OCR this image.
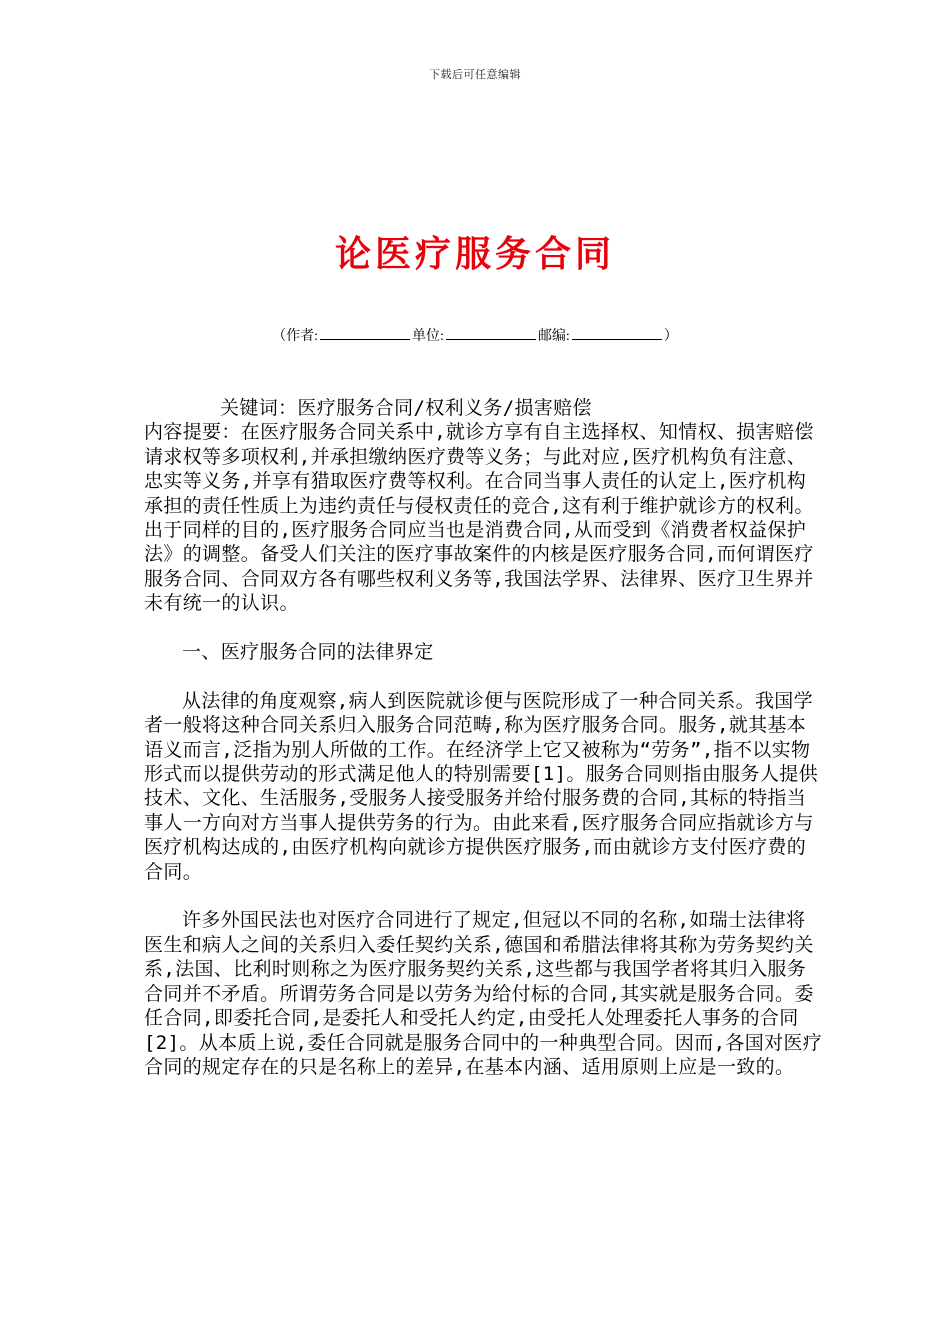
下载后可任意编辑
论医疗服务合同
（作者:	单位:	邮编:	）

关键词：医疗服务合同/权利义务/损害赔偿

内容提要：在医疗服务合同关系中,就诊方享有自主选择权、知情权、损害赔偿请求权等多项权利,并承担缴纳医疗费等义务；与此对应,医疗机构负有注意、忠实等义务,并享有猎取医疗费等权利。在合同当事人责任的认定上,医疗机构承担的责任性质上为违约责任与侵权责任的竞合,这有利于维护就诊方的权利。出于同样的目的,医疗服务合同应当也是消费合同,从而受到《消费者权益保护法》的调整。备受人们关注的医疗事故案件的内核是医疗服务合同,而何谓医疗服务合同、合同双方各有哪些权利义务等,我国法学界、法律界、医疗卫生界并未有统一的认识。

一、医疗服务合同的法律界定

从法律的角度观察,病人到医院就诊便与医院形成了一种合同关系。我国学者一般将这种合同关系归入服务合同范畴,称为医疗服务合同。服务,就其基本语义而言,泛指为别人所做的工作。在经济学上它又被称为“劳务”,指不以实物形式而以提供劳动的形式满足他人的特别需要[1]。服务合同则指由服务人提供技术、文化、生活服务,受服务人接受服务并给付服务费的合同,其标的特指当事人一方向对方当事人提供劳务的行为。由此来看,医疗服务合同应指就诊方与医疗机构达成的,由医疗机构向就诊方提供医疗服务,而由就诊方支付医疗费的合同。

许多外国民法也对医疗合同进行了规定,但冠以不同的名称,如瑞士法律将医生和病人之间的关系归入委任契约关系,德国和希腊法律将其称为劳务契约关系,法国、比利时则称之为医疗服务契约关系,这些都与我国学者将其归入服务合同并不矛盾。所谓劳务合同是以劳务为给付标的合同,其实就是服务合同。委任合同,即委托合同,是委托人和受托人约定,由受托人处理委托人事务的合同[2]。从本质上说,委任合同就是服务合同中的一种典型合同。因而,各国对医疗合同的规定存在的只是名称上的差异,在基本内涵、适用原则上应是一致的。
